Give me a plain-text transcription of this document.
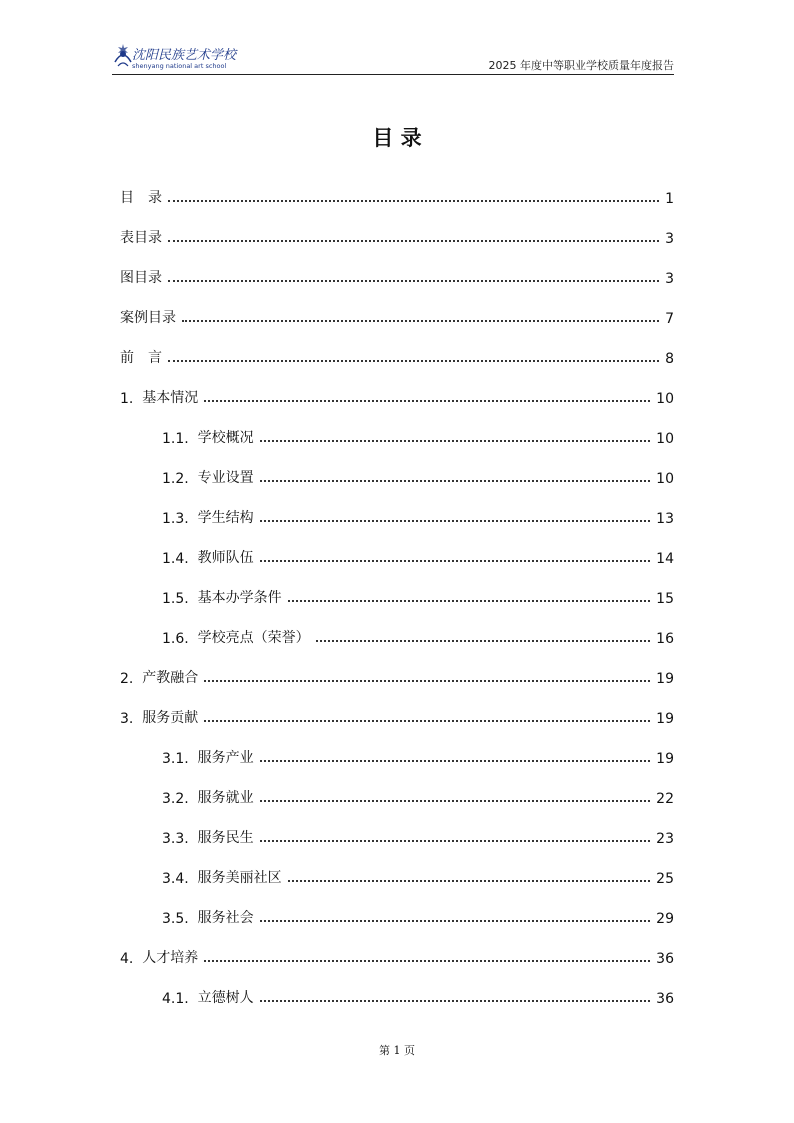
沈阳民族艺术学校
shenyang national art school	2025 年度中等职业学校质量年度报告
目 录
目　录	1
表目录	3
图目录	3
案例目录	7
前　言	8
1. 基本情况	10
1.1. 学校概况	10
1.2. 专业设置	10
1.3. 学生结构	13
1.4. 教师队伍	14
1.5. 基本办学条件	15
1.6. 学校亮点（荣誉）	16
2. 产教融合	19
3. 服务贡献	19
3.1. 服务产业	19
3.2. 服务就业	22
3.3. 服务民生	23
3.4. 服务美丽社区	25
3.5. 服务社会	29
4. 人才培养	36
4.1. 立德树人	36
第 1 页
